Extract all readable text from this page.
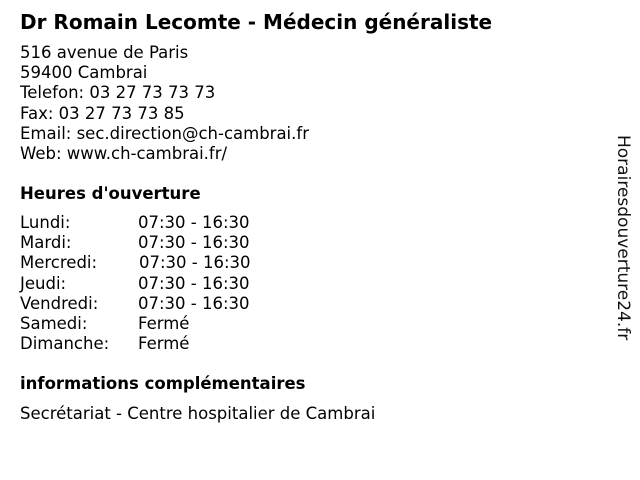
Dr Romain Lecomte - Médecin généraliste
516 avenue de Paris
59400 Cambrai
Telefon: 03 27 73 73 73
Fax: 03 27 73 73 85
Email: sec.direction@ch-cambrai.fr
Web: www.ch-cambrai.fr/
Heures d'ouverture
Lundi:	07:30 - 16:30
Mardi:	07:30 - 16:30
Mercredi:	07:30 - 16:30
Jeudi:	07:30 - 16:30
Vendredi: 07:30 - 16:30
Samedi:	Fermé
Dimanche: Fermé
informations complémentaires
Secrétariat - Centre hospitalier de Cambrai
Horairesdouverture24.fr
